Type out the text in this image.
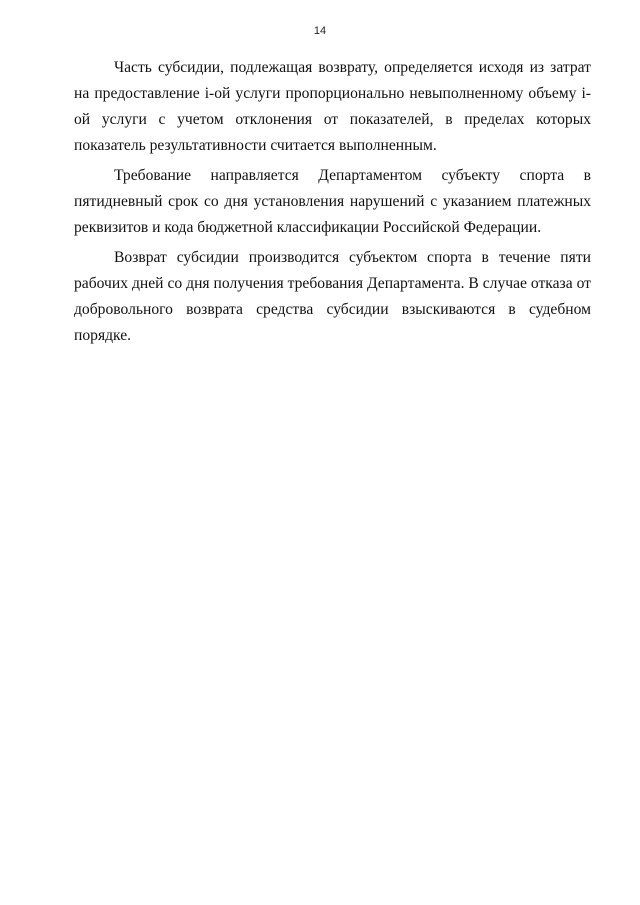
14

Часть субсидии, подлежащая возврату, определяется исходя из затрат на предоставление i-ой услуги пропорционально невыполненному объему i-ой услуги с учетом отклонения от показателей, в пределах которых показатель результативности считается выполненным.

Требование направляется Департаментом субъекту спорта в пятидневный срок со дня установления нарушений с указанием платежных реквизитов и кода бюджетной классификации Российской Федерации.

Возврат субсидии производится субъектом спорта в течение пяти рабочих дней со дня получения требования Департамента. В случае отказа от добровольного возврата средства субсидии взыскиваются в судебном порядке.
